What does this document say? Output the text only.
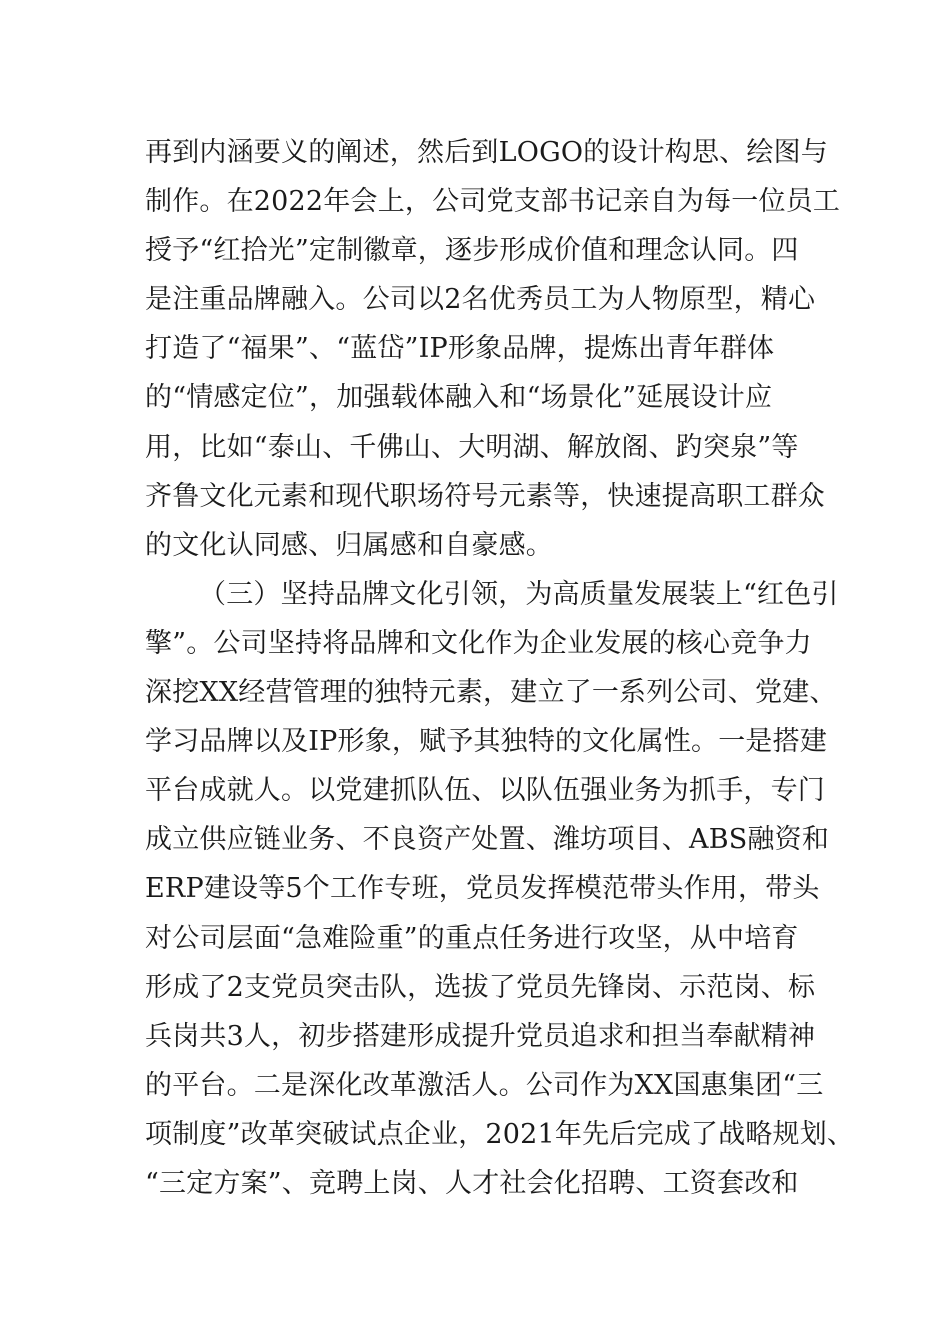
再到内涵要义的阐述，然后到LOGO的设计构思、绘图与
制作。在2022年会上，公司党支部书记亲自为每一位员工
授予“红拾光”定制徽章，逐步形成价值和理念认同。四
是注重品牌融入。公司以2名优秀员工为人物原型，精心
打造了“福果”、“蓝岱”IP形象品牌，提炼出青年群体
的“情感定位”，加强载体融入和“场景化”延展设计应
用，比如“泰山、千佛山、大明湖、解放阁、趵突泉”等
齐鲁文化元素和现代职场符号元素等，快速提高职工群众
的文化认同感、归属感和自豪感。
（三）坚持品牌文化引领，为高质量发展装上“红色引
擎”。公司坚持将品牌和文化作为企业发展的核心竞争力
深挖XX经营管理的独特元素，建立了一系列公司、党建、
学习品牌以及IP形象，赋予其独特的文化属性。一是搭建
平台成就人。以党建抓队伍、以队伍强业务为抓手，专门
成立供应链业务、不良资产处置、潍坊项目、ABS融资和
ERP建设等5个工作专班，党员发挥模范带头作用，带头
对公司层面“急难险重”的重点任务进行攻坚，从中培育
形成了2支党员突击队，选拔了党员先锋岗、示范岗、标
兵岗共3人，初步搭建形成提升党员追求和担当奉献精神
的平台。二是深化改革激活人。公司作为XX国惠集团“三
项制度”改革突破试点企业，2021年先后完成了战略规划、
“三定方案”、竞聘上岗、人才社会化招聘、工资套改和
